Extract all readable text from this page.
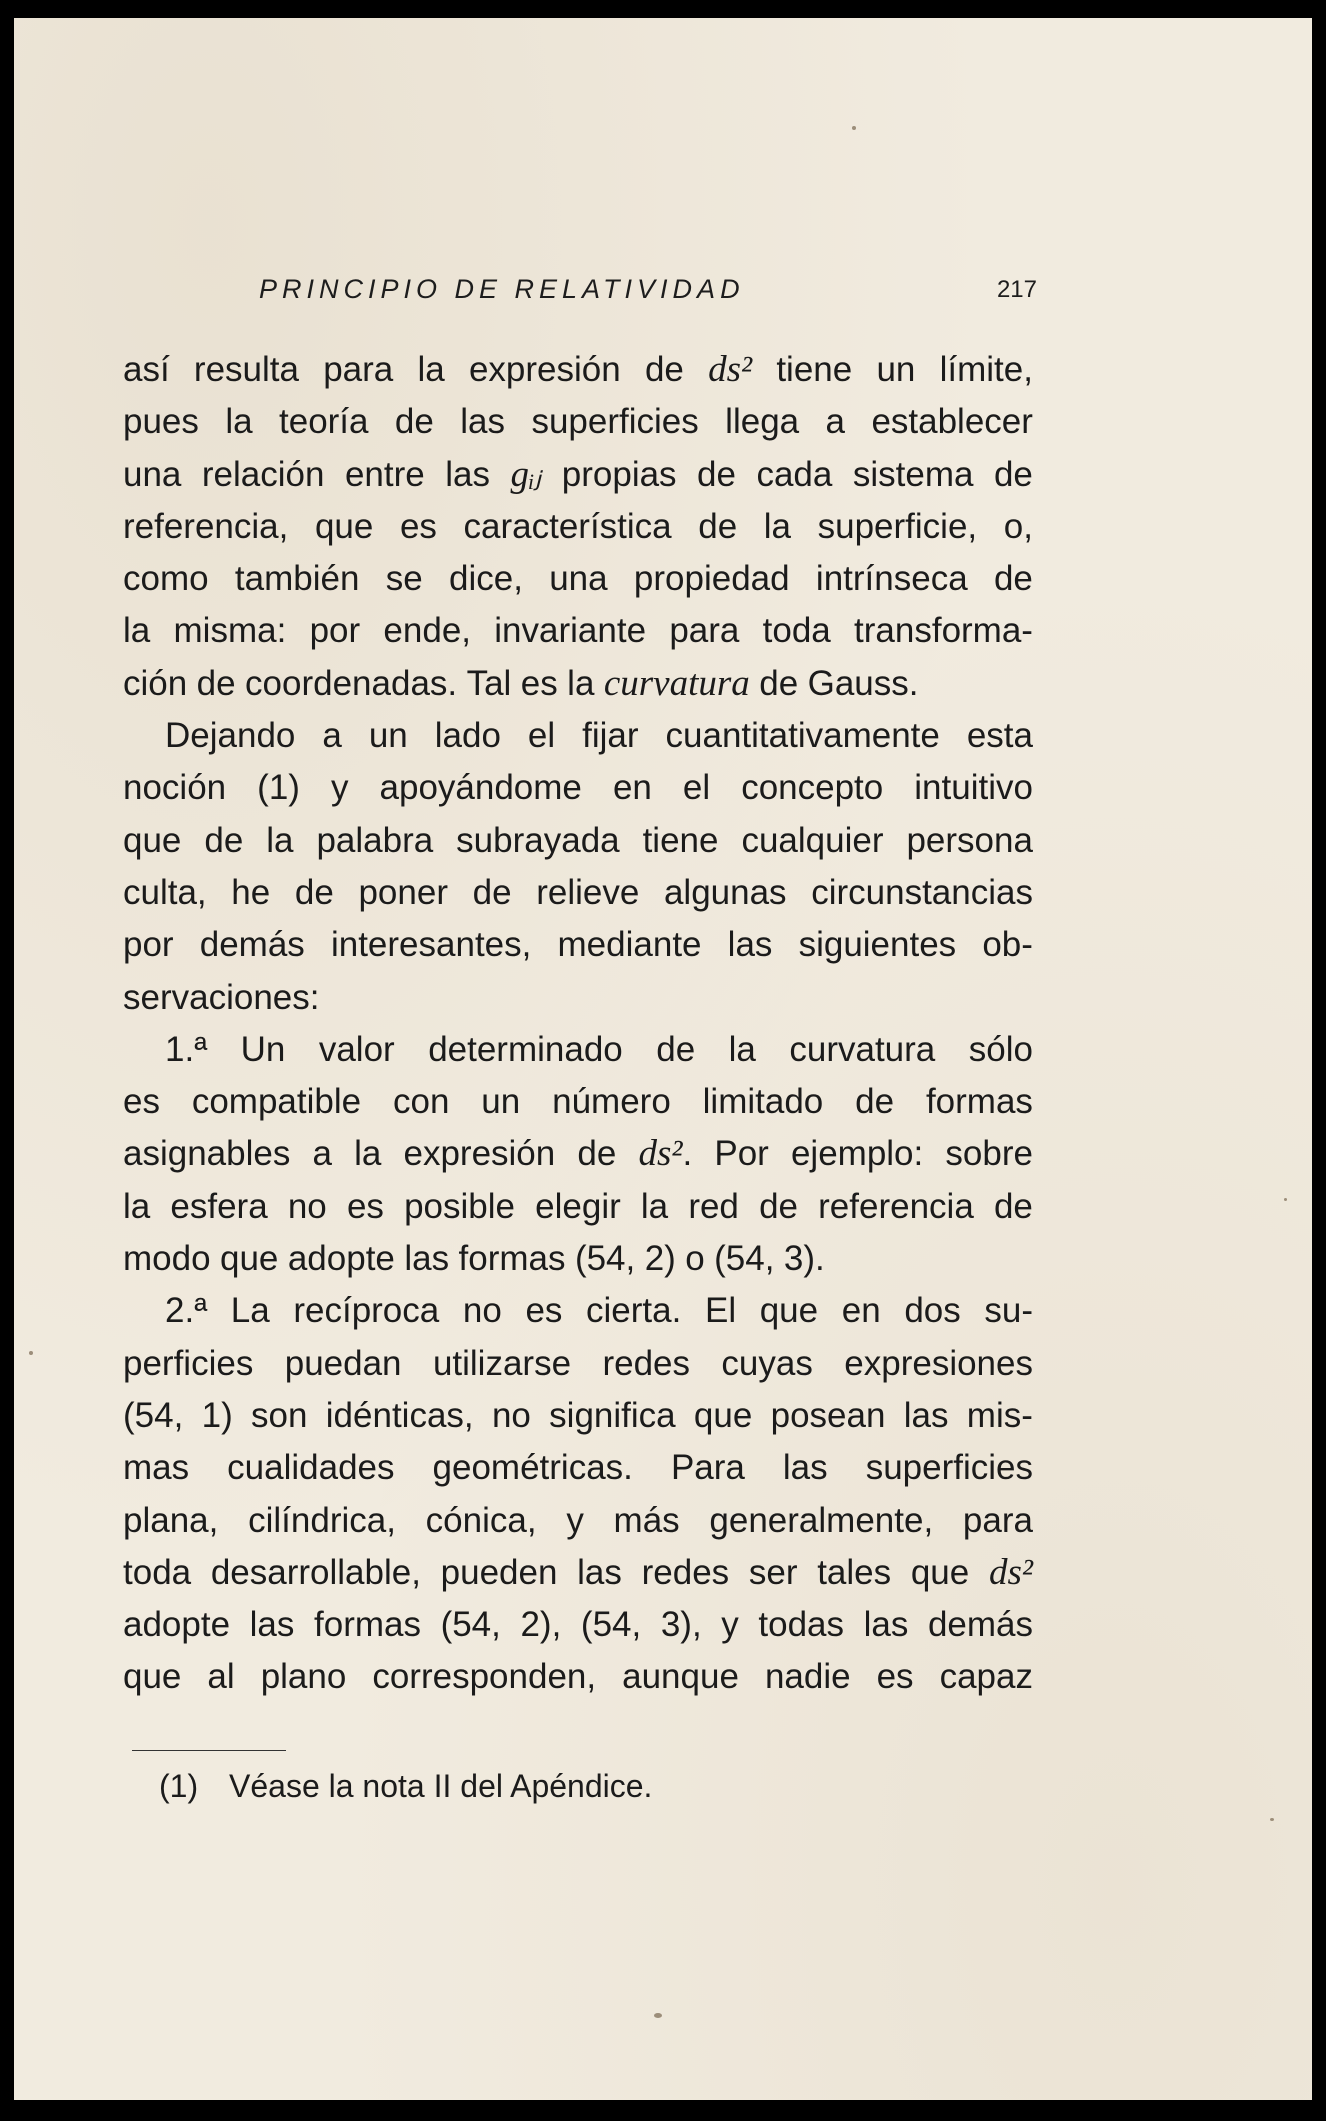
PRINCIPIO DE RELATIVIDAD	217
así resulta para la expresión de ds² tiene un límite,
pues la teoría de las superficies llega a establecer
una relación entre las gᵢⱼ propias de cada sistema de
referencia, que es característica de la superficie, o,
como también se dice, una propiedad intrínseca de
la misma: por ende, invariante para toda transforma-
ción de coordenadas. Tal es la curvatura de Gauss.
Dejando a un lado el fijar cuantitativamente esta
noción (1) y apoyándome en el concepto intuitivo
que de la palabra subrayada tiene cualquier persona
culta, he de poner de relieve algunas circunstancias
por demás interesantes, mediante las siguientes ob-
servaciones:
1.ª Un valor determinado de la curvatura sólo
es compatible con un número limitado de formas
asignables a la expresión de ds². Por ejemplo: sobre
la esfera no es posible elegir la red de referencia de
modo que adopte las formas (54, 2) o (54, 3).
2.ª La recíproca no es cierta. El que en dos su-
perficies puedan utilizarse redes cuyas expresiones
(54, 1) son idénticas, no significa que posean las mis-
mas cualidades geométricas. Para las superficies
plana, cilíndrica, cónica, y más generalmente, para
toda desarrollable, pueden las redes ser tales que ds²
adopte las formas (54, 2), (54, 3), y todas las demás
que al plano corresponden, aunque nadie es capaz
(1) Véase la nota II del Apéndice.
